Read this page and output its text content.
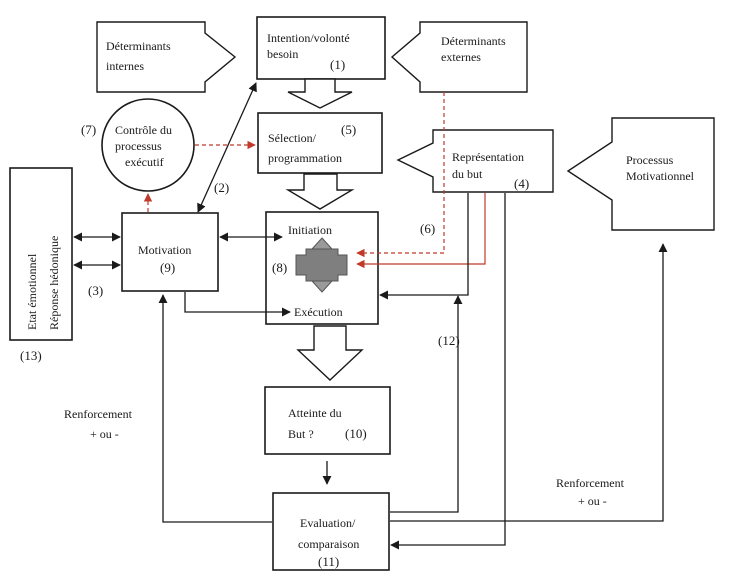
Déterminants
internes
Intention/volonté
besoin
(1)
Déterminants
externes
Contrôle du
processus
exécutif
(7)
Sélection/
programmation
(5)
Représentation
du but
(4)
Processus
Motivationnel
Etat émotionnel Réponse hédonique
(13)
Motivation
(9)
Initiation
Exécution
(8)
Atteinte du
But ? (10)
Evaluation/
comparaison
(11)
(2)
(3)
(6)
(12)
Renforcement
+ ou -
Renforcement
+ ou -
